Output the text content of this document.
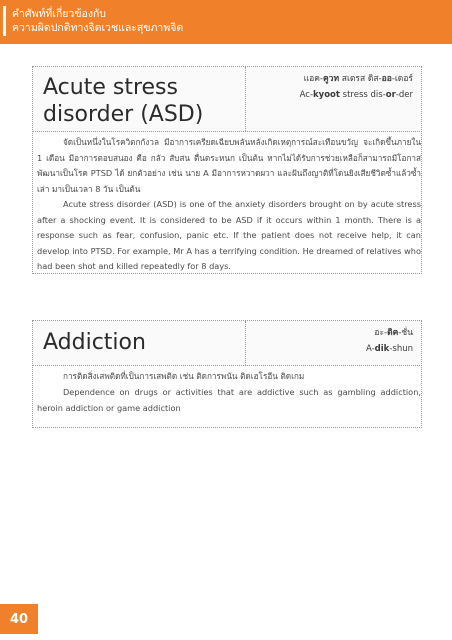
คำศัพท์ที่เกี่ยวข้องกับ
ความผิดปกติทางจิตเวชและสุขภาพจิต
Acute stress
disorder (ASD)
แอค-คูวท สเตรส ดิส-ออ-เดอร์
Ac-kyoot stress dis-or-der

จัดเป็นหนึ่งในโรควิตกกังวล มีอาการเครียดเฉียบพลันหลังเกิดเหตุการณ์สะเทือนขวัญ จะเกิดขึ้นภายใน 1 เดือน มีอาการตอบสนอง คือ กลัว สับสน ตื่นตระหนก เป็นต้น หากไม่ได้รับการช่วยเหลือก็สามารถมีโอกาสพัฒนาเป็นโรค PTSD ได้ ยกตัวอย่าง เช่น นาย A มีอาการหวาดผวา และฝันถึงญาติที่โดนยิงเสียชีวิตซ้ำแล้วซ้ำเล่า มาเป็นเวลา 8 วัน เป็นต้น

Acute stress disorder (ASD) is one of the anxiety disorders brought on by acute stress after a shocking event. It is considered to be ASD if it occurs within 1 month. There is a response such as fear, confusion, panic etc. If the patient does not receive help, it can develop into PTSD. For example, Mr A has a terrifying condition. He dreamed of relatives who had been shot and killed repeatedly for 8 days.

Addiction	อะ-ดิค-ชั่น
A-dik-shun

การติดสิ่งเสพติดที่เป็นการเสพติด เช่น ติดการพนัน ติดเฮโรอีน ติดเกม

Dependence on drugs or activities that are addictive such as gambling addiction, heroin addiction or game addiction

40
